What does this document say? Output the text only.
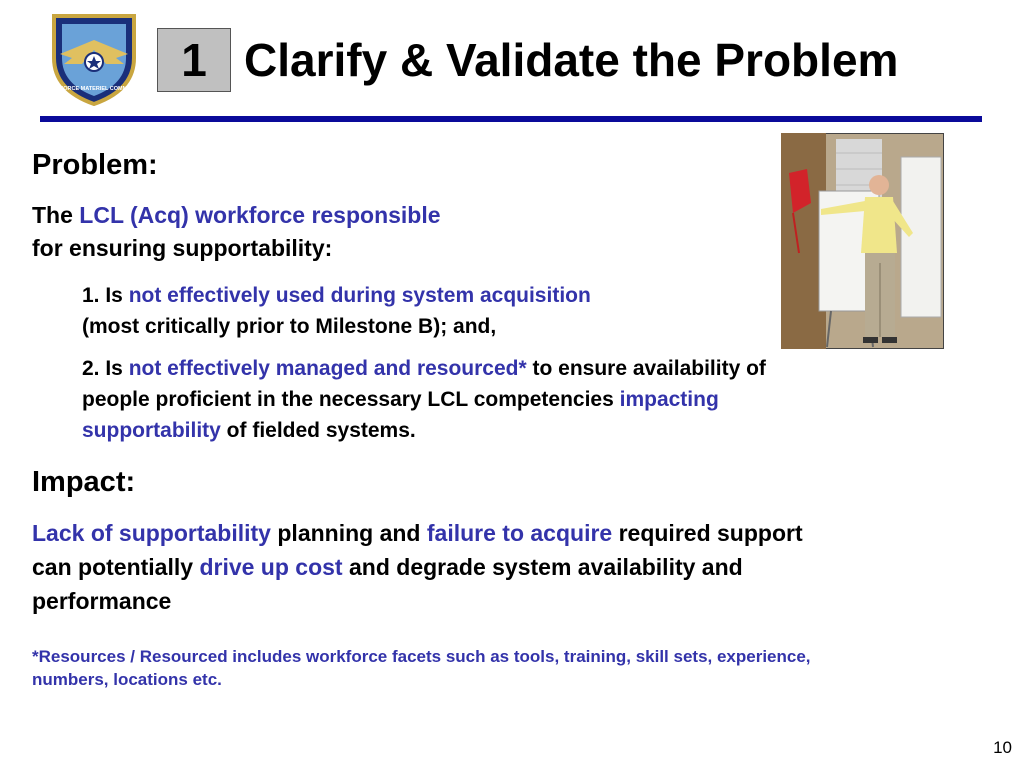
AIR FORCE MATERIEL COMMAND
1 Clarify & Validate the Problem
Problem:
The LCL (Acq) workforce responsible
for ensuring supportability:
1. Is not effectively used during system acquisition
(most critically prior to Milestone B); and,
2. Is not effectively managed and resourced* to ensure availability of
people proficient in the necessary LCL competencies impacting
supportability of fielded systems.
Impact:
Lack of supportability planning and failure to acquire required support
can potentially drive up cost and degrade system availability and
performance
*Resources / Resourced includes workforce facets such as tools, training, skill sets, experience,
numbers, locations etc.
10
